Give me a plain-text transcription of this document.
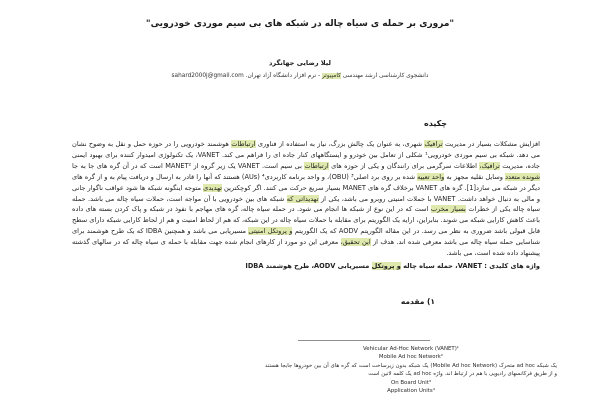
"مروری بر حمله ی سیاه چاله در شبکه های بی سیم موردی خودرویی"
لیلا رضایی جهانگرد
دانشجوی کارشناسی ارشد مهندسی کامپیوتر - نرم افزار دانشگاه آزاد تهران. sahard2000j@gmail.com
چکیده
افزایش مشکلات بسیار در مدیریت ترافیک شهری، به عنوان یک چالش بزرگ، نیاز به استفاده از فناوری ارتباطات هوشمند خودرویی را در حوزه حمل و نقل به وضوح نشان می دهد. شبکه بی سیم موردی خودرویی¹ شکلی از تعامل بین خودرو و ایستگاههای کنار جاده ای را فراهم می کند. VANET، یک تکنولوژی امیدوار کننده برای بهبود ایمنی جاده، مدیریت ترافیک، اطلاعات سرگرمی برای رانندگان و یکی از حوزه های ارتباطات بی سیم است. VANET یک زیر گروه از MANET² است که در آن گره های جا به جا شونده متعدد وسایل نقلیه مجهز به واحد تعبیه شده بر روی برد اصلی³ (OBU)، و واحد برنامه کاربردی⁴ (AUs) هستند که آنها را قادر به ارسال و دریافت پیام به و از گره های دیگر در شبکه می سازد[1]. گره های VANET برخلاف گره های MANET بسیار سریع حرکت می کنند. اگر کوچکترین تهدیدی متوجه اینگونه شبکه ها شود عواقب ناگوار جانی و مالی به دنبال خواهد داشت. VANET با حملات امنیتی روبرو می باشد، یکی از تهدیداتی که شبکه های بین خودرویی با آن مواجه است، حملات سیاه چاله می باشد. حمله سیاه چاله یکی از خطرات بسیار مخرب است که در این نوع از شبکه ها انجام می شود. در حمله سیاه چاله، گره های مهاجم با نفوذ در شبکه و پاک کردن بسته های داده باعث کاهش کارایی شبکه می شوند. بنابراین، ارایه یک الگوریتم برای مقابله با حملات سیاه چاله در این شبکه، که هم از لحاظ امنیت و هم از لحاظ کارایی شبکه دارای سطح قابل قبولی باشد ضروری به نظر می رسد. در این مقاله الگوریتم AODV که یک الگوریتم و پروتکل امنیتی مسیریابی می باشد و همچنین IDBA که یک طرح هوشمند برای شناسایی حمله سیاه چاله می باشد معرفی شده اند. هدف از این تحقیق، معرفی این دو مورد از کارهای انجام شده جهت مقابله با حمله ی سیاه چاله که در سالهای گذشته پیشنهاد داده شده است، می باشد.
واژه های کلیدی : VANET، حمله سیاه چاله و پروتکل مسیریابی AODV، طرح هوشمند IDBA
۱) مقدمه
Vehicular Ad-Hoc Network (VANET)¹
Mobile Ad hoc Network²
یک شبکه ad hoc متحرک (Mobile Ad hoc Network) یک شبکه بدون زیرساخت است که گره های آن بین خودروها جابجا هستند و از طریق فرکانسهای رادیویی با هم در ارتباط اند. واژه ad hoc یک کلمه لاتین است
On Board Unit³
Application Units⁴
